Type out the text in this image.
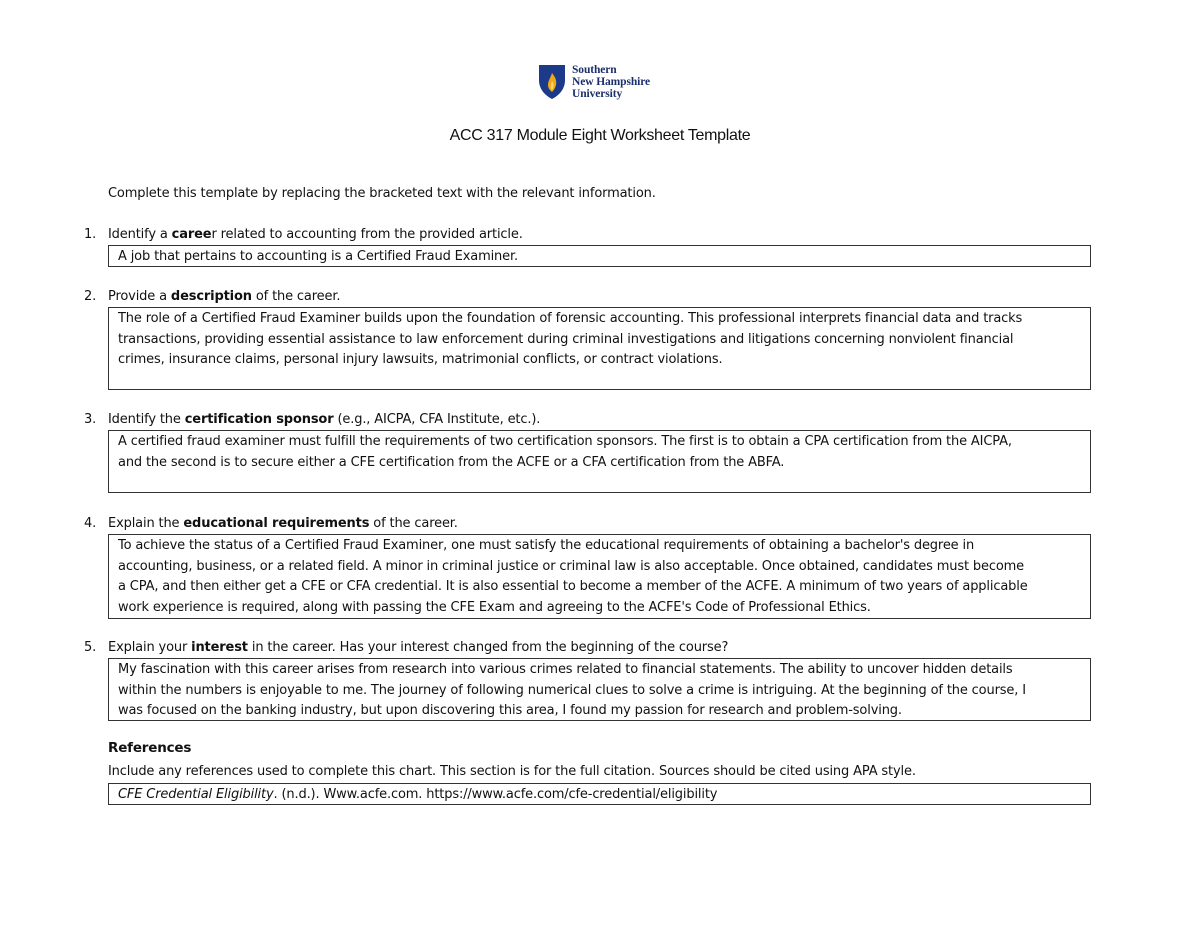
Southern
New Hampshire
University
ACC 317 Module Eight Worksheet Template
Complete this template by replacing the bracketed text with the relevant information.
1. Identify a career related to accounting from the provided article.
A job that pertains to accounting is a Certified Fraud Examiner.
2. Provide a description of the career.
The role of a Certified Fraud Examiner builds upon the foundation of forensic accounting. This professional interprets financial data and tracks
transactions, providing essential assistance to law enforcement during criminal investigations and litigations concerning nonviolent financial
crimes, insurance claims, personal injury lawsuits, matrimonial conflicts, or contract violations.
3. Identify the certification sponsor (e.g., AICPA, CFA Institute, etc.).
A certified fraud examiner must fulfill the requirements of two certification sponsors. The first is to obtain a CPA certification from the AICPA,
and the second is to secure either a CFE certification from the ACFE or a CFA certification from the ABFA.
4. Explain the educational requirements of the career.
To achieve the status of a Certified Fraud Examiner, one must satisfy the educational requirements of obtaining a bachelor's degree in
accounting, business, or a related field. A minor in criminal justice or criminal law is also acceptable. Once obtained, candidates must become
a CPA, and then either get a CFE or CFA credential. It is also essential to become a member of the ACFE. A minimum of two years of applicable
work experience is required, along with passing the CFE Exam and agreeing to the ACFE's Code of Professional Ethics.
5. Explain your interest in the career. Has your interest changed from the beginning of the course?
My fascination with this career arises from research into various crimes related to financial statements. The ability to uncover hidden details
within the numbers is enjoyable to me. The journey of following numerical clues to solve a crime is intriguing. At the beginning of the course, I
was focused on the banking industry, but upon discovering this area, I found my passion for research and problem-solving.
References
Include any references used to complete this chart. This section is for the full citation. Sources should be cited using APA style.
CFE Credential Eligibility. (n.d.). Www.acfe.com. https://www.acfe.com/cfe-credential/eligibility
